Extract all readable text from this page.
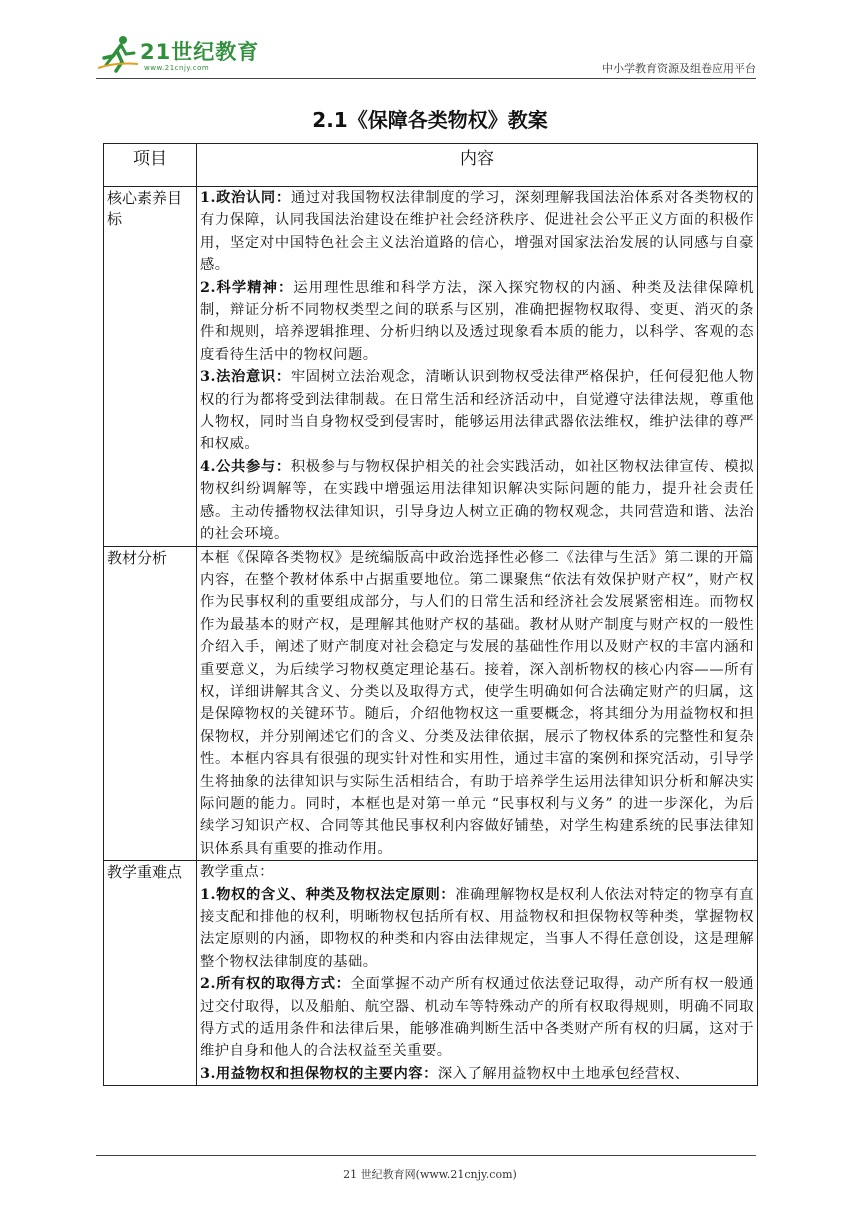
21世纪教育
www.21cnjy.com	中小学教育资源及组卷应用平台
2.1《保障各类物权》教案
项目	内容
核心素养目标	1.政治认同：通过对我国物权法律制度的学习，深刻理解我国法治体系对各类物权的有力保障，认同我国法治建设在维护社会经济秩序、促进社会公平正义方面的积极作用，坚定对中国特色社会主义法治道路的信心，增强对国家法治发展的认同感与自豪感。
2.科学精神：运用理性思维和科学方法，深入探究物权的内涵、种类及法律保障机制，辩证分析不同物权类型之间的联系与区别，准确把握物权取得、变更、消灭的条件和规则，培养逻辑推理、分析归纳以及透过现象看本质的能力，以科学、客观的态度看待生活中的物权问题。
3.法治意识：牢固树立法治观念，清晰认识到物权受法律严格保护，任何侵犯他人物权的行为都将受到法律制裁。在日常生活和经济活动中，自觉遵守法律法规，尊重他人物权，同时当自身物权受到侵害时，能够运用法律武器依法维权，维护法律的尊严和权威。
4.公共参与：积极参与与物权保护相关的社会实践活动，如社区物权法律宣传、模拟物权纠纷调解等，在实践中增强运用法律知识解决实际问题的能力，提升社会责任感。主动传播物权法律知识，引导身边人树立正确的物权观念，共同营造和谐、法治的社会环境。

教材分析	本框《保障各类物权》是统编版高中政治选择性必修二《法律与生活》第二课的开篇内容，在整个教材体系中占据重要地位。第二课聚焦“依法有效保护财产权”，财产权作为民事权利的重要组成部分，与人们的日常生活和经济社会发展紧密相连。而物权作为最基本的财产权，是理解其他财产权的基础。教材从财产制度与财产权的一般性介绍入手，阐述了财产制度对社会稳定与发展的基础性作用以及财产权的丰富内涵和重要意义，为后续学习物权奠定理论基石。接着，深入剖析物权的核心内容——所有权，详细讲解其含义、分类以及取得方式，使学生明确如何合法确定财产的归属，这是保障物权的关键环节。随后，介绍他物权这一重要概念，将其细分为用益物权和担保物权，并分别阐述它们的含义、分类及法律依据，展示了物权体系的完整性和复杂性。本框内容具有很强的现实针对性和实用性，通过丰富的案例和探究活动，引导学生将抽象的法律知识与实际生活相结合，有助于培养学生运用法律知识分析和解决实际问题的能力。同时，本框也是对第一单元 “民事权利与义务” 的进一步深化，为后续学习知识产权、合同等其他民事权利内容做好铺垫，对学生构建系统的民事法律知识体系具有重要的推动作用。

教学重难点	教学重点：
1.物权的含义、种类及物权法定原则：准确理解物权是权利人依法对特定的物享有直接支配和排他的权利，明晰物权包括所有权、用益物权和担保物权等种类，掌握物权法定原则的内涵，即物权的种类和内容由法律规定，当事人不得任意创设，这是理解整个物权法律制度的基础。
2.所有权的取得方式：全面掌握不动产所有权通过依法登记取得，动产所有权一般通过交付取得，以及船舶、航空器、机动车等特殊动产的所有权取得规则，明确不同取得方式的适用条件和法律后果，能够准确判断生活中各类财产所有权的归属，这对于维护自身和他人的合法权益至关重要。
3.用益物权和担保物权的主要内容：深入了解用益物权中土地承包经营权、
21 世纪教育网(www.21cnjy.com)
